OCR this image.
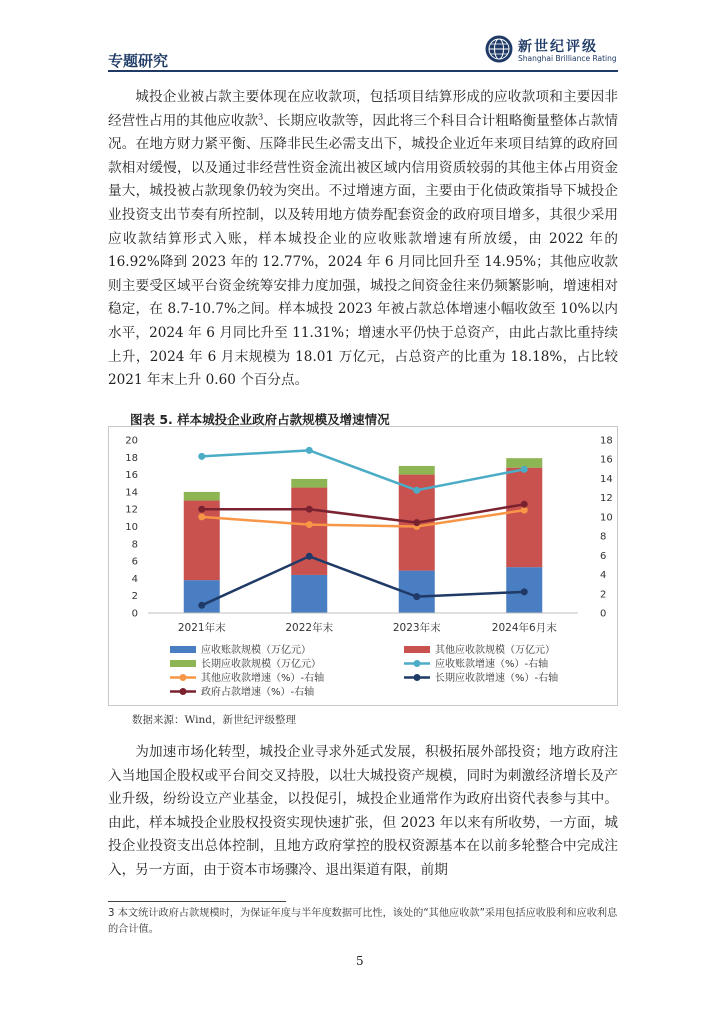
专题研究
新世纪评级
Shanghai Brilliance Rating

城投企业被占款主要体现在应收款项，包括项目结算形成的应收款项和主要因非经营性占用的其他应收款$^3$、长期应收款等，因此将三个科目合计粗略衡量整体占款情况。在地方财力紧平衡、压降非民生必需支出下，城投企业近年来项目结算的政府回款相对缓慢，以及通过非经营性资金流出被区域内信用资质较弱的其他主体占用资金量大，城投被占款现象仍较为突出。不过增速方面，主要由于化债政策指导下城投企业投资支出节奏有所控制，以及转用地方债券配套资金的政府项目增多，其很少采用应收款结算形式入账，样本城投企业的应收账款增速有所放缓，由 2022 年的 16.92%降到 2023 年的 12.77%，2024 年 6 月同比回升至 14.95%；其他应收款则主要受区域平台资金统筹安排力度加强，城投之间资金往来仍频繁影响，增速相对稳定，在 8.7-10.7%之间。样本城投 2023 年被占款总体增速小幅收敛至 10%以内水平，2024 年 6 月同比升至 11.31%；增速水平仍快于总资产，由此占款比重持续上升，2024 年 6 月末规模为 18.01 万亿元，占总资产的比重为 18.18%，占比较 2021 年末上升 0.60 个百分点。

图表 5. 样本城投企业政府占款规模及增速情况
0
2
4
6
8
10
12
14
16
18
20
0
2
4
6
8
10
12
14
16
18
2021年末	2022年末	2023年末	2024年6月末
应收账款规模（万亿元）	其他应收款规模（万亿元）
长期应收款规模（万亿元）	应收账款增速（%）-右轴
其他应收款增速（%）-右轴	长期应收款增速（%）-右轴
政府占款增速（%）-右轴
数据来源：Wind，新世纪评级整理

为加速市场化转型，城投企业寻求外延式发展，积极拓展外部投资；地方政府注入当地国企股权或平台间交叉持股，以壮大城投资产规模，同时为刺激经济增长及产业升级，纷纷设立产业基金，以投促引，城投企业通常作为政府出资代表参与其中。由此，样本城投企业股权投资实现快速扩张，但 2023 年以来有所收势，一方面，城投企业投资支出总体控制，且地方政府掌控的股权资源基本在以前多轮整合中完成注入，另一方面，由于资本市场骤冷、退出渠道有限，前期

3 本文统计政府占款规模时，为保证年度与半年度数据可比性，该处的“其他应收款”采用包括应收股利和应收利息的合计值。
5
